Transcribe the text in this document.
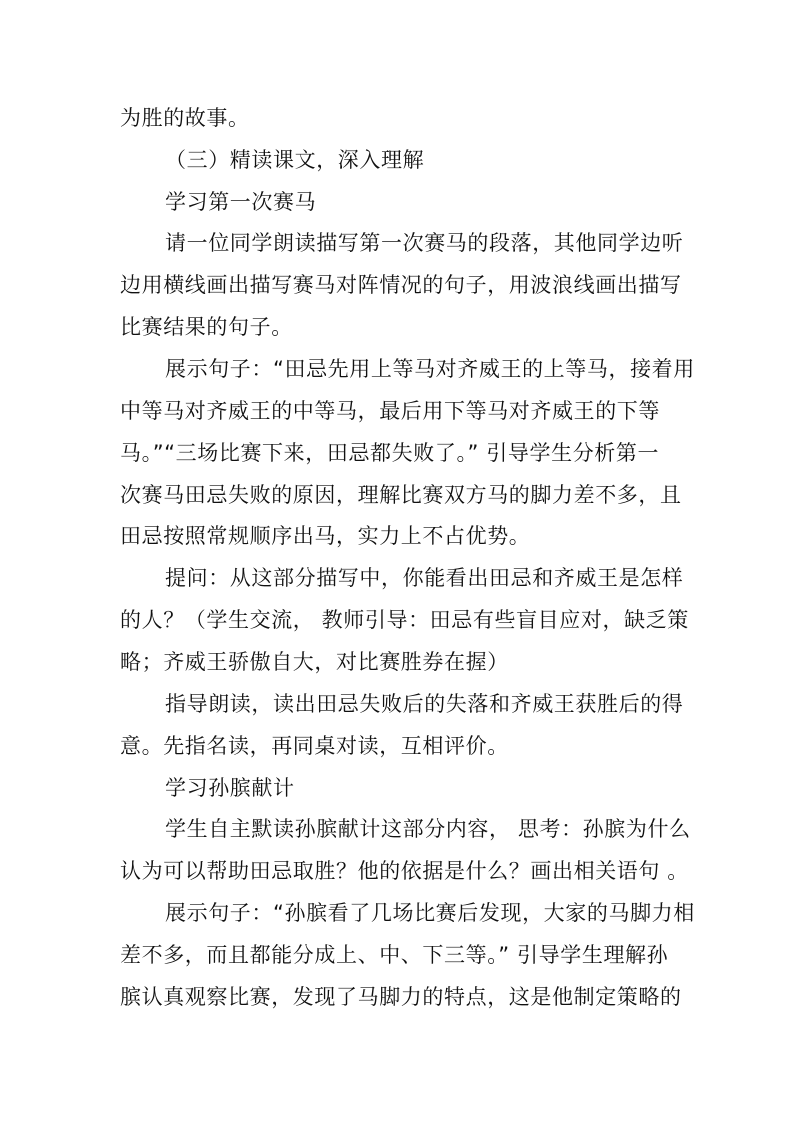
为胜的故事。
（三）精读课文，深入理解
学习第一次赛马
请一位同学朗读描写第一次赛马的段落，其他同学边听
边用横线画出描写赛马对阵情况的句子，用波浪线画出描写
比赛结果的句子。
展示句子：“田忌先用上等马对齐威王的上等马，接着用
中等马对齐威王的中等马，最后用下等马对齐威王的下等
马。”“三场比赛下来，田忌都失败了。” 引导学生分析第一
次赛马田忌失败的原因，理解比赛双方马的脚力差不多，且
田忌按照常规顺序出马，实力上不占优势。
提问：从这部分描写中，你能看出田忌和齐威王是怎样
的人？（学生交流， 教师引导：田忌有些盲目应对，缺乏策
略；齐威王骄傲自大，对比赛胜券在握）
指导朗读，读出田忌失败后的失落和齐威王获胜后的得
意。先指名读，再同桌对读，互相评价。
学习孙膑献计
学生自主默读孙膑献计这部分内容， 思考：孙膑为什么
认为可以帮助田忌取胜？他的依据是什么？画出相关语句 。
展示句子：“孙膑看了几场比赛后发现，大家的马脚力相
差不多，而且都能分成上、中、下三等。” 引导学生理解孙
膑认真观察比赛，发现了马脚力的特点，这是他制定策略的
